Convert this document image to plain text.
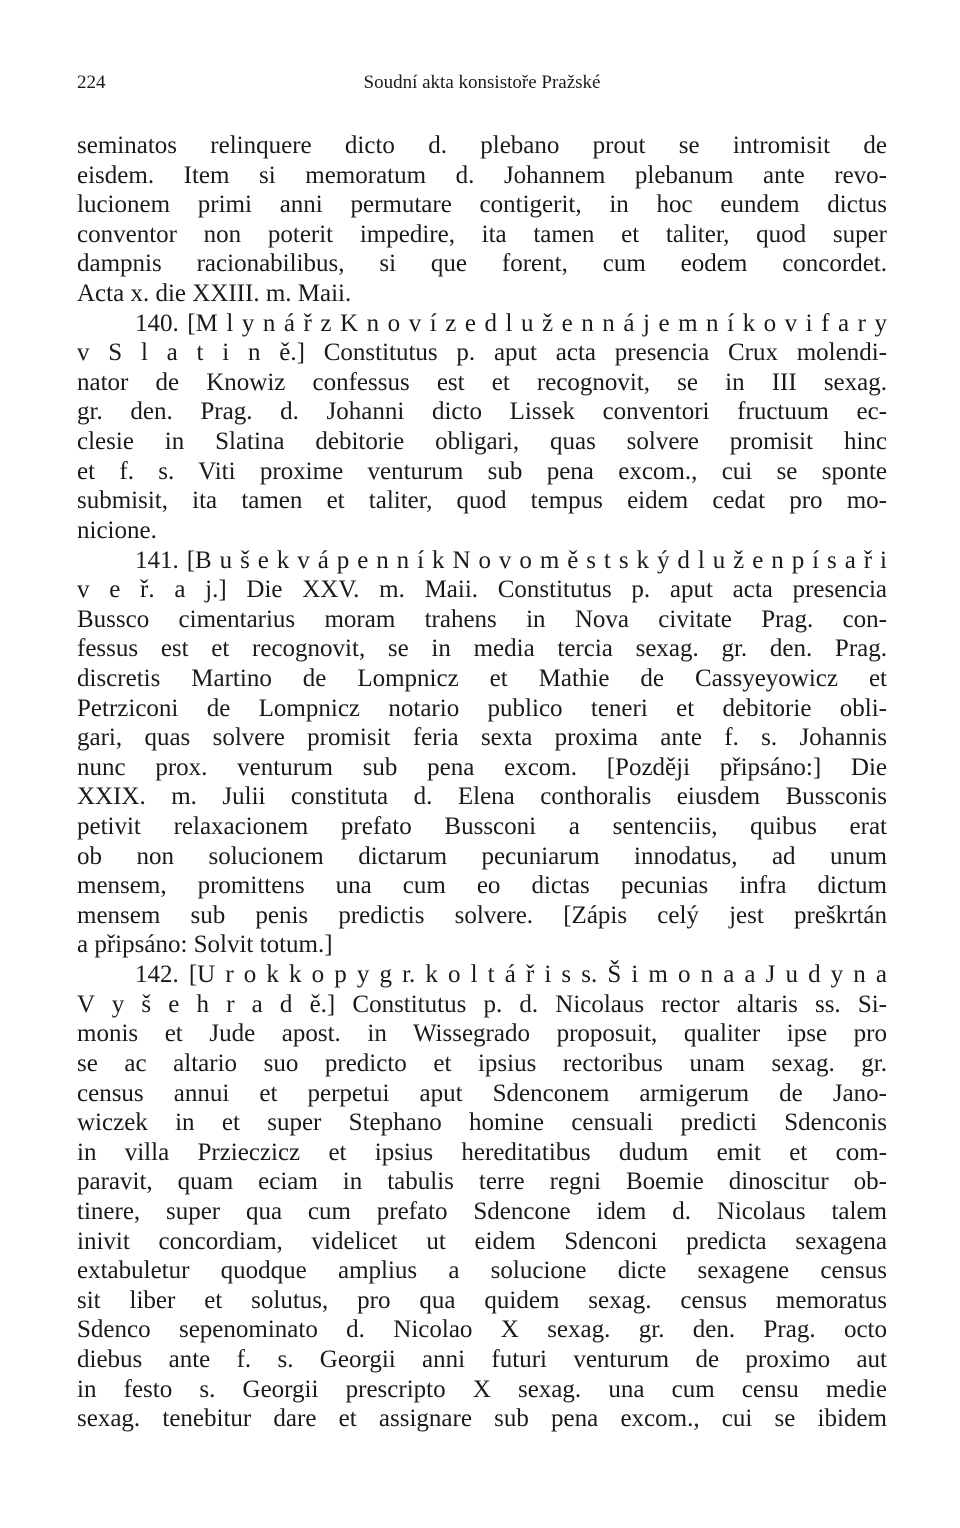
224	Soudní akta konsistoře Pražské
seminatos relinquere dicto d. plebano prout se intromisit de
eisdem. Item si memoratum d. Johannem plebanum ante revo-
lucionem primi anni permutare contigerit, in hoc eundem dictus
conventor non poterit impedire, ita tamen et taliter, quod super
dampnis racionabilibus, si que forent, cum eodem concordet.
Acta x. die XXIII. m. Maii.
140. [M l y n á ř z K n o v í z e d l u ž e n n á j e m n í k o v i f a r y
v S l a t i n ě.] Constitutus p. aput acta presencia Crux molendi-
nator de Knowiz confessus est et recognovit, se in III sexag.
gr. den. Prag. d. Johanni dicto Lissek conventori fructuum ec-
clesie in Slatina debitorie obligari, quas solvere promisit hinc
et f. s. Viti proxime venturum sub pena excom., cui se sponte
submisit, ita tamen et taliter, quod tempus eidem cedat pro mo-
nicione.
141. [B u š e k v á p e n n í k N o v o m ě s t s k ý d l u ž e n p í s a ř i
v e ř. a j.] Die XXV. m. Maii. Constitutus p. aput acta presencia
Bussco cimentarius moram trahens in Nova civitate Prag. con-
fessus est et recognovit, se in media tercia sexag. gr. den. Prag.
discretis Martino de Lompnicz et Mathie de Cassyeyowicz et
Petrziconi de Lompnicz notario publico teneri et debitorie obli-
gari, quas solvere promisit feria sexta proxima ante f. s. Johannis
nunc prox. venturum sub pena excom. [Později připsáno:] Die
XXIX. m. Julii constituta d. Elena conthoralis eiusdem Bussconis
petivit relaxacionem prefato Bussconi a sentenciis, quibus erat
ob non solucionem dictarum pecuniarum innodatus, ad unum
mensem, promittens una cum eo dictas pecunias infra dictum
mensem sub penis predictis solvere. [Zápis celý jest preškrtán
a připsáno: Solvit totum.]
142. [U r o k k o p y g r. k o l t á ř i s s. Š i m o n a a J u d y n a
V y š e h r a d ě.] Constitutus p. d. Nicolaus rector altaris ss. Si-
monis et Jude apost. in Wissegrado proposuit, qualiter ipse pro
se ac altario suo predicto et ipsius rectoribus unam sexag. gr.
census annui et perpetui aput Sdenconem armigerum de Jano-
wiczek in et super Stephano homine censuali predicti Sdenconis
in villa Przieczicz et ipsius hereditatibus dudum emit et com-
paravit, quam eciam in tabulis terre regni Boemie dinoscitur ob-
tinere, super qua cum prefato Sdencone idem d. Nicolaus talem
inivit concordiam, videlicet ut eidem Sdenconi predicta sexagena
extabuletur quodque amplius a solucione dicte sexagene census
sit liber et solutus, pro qua quidem sexag. census memoratus
Sdenco sepenominato d. Nicolao X sexag. gr. den. Prag. octo
diebus ante f. s. Georgii anni futuri venturum de proximo aut
in festo s. Georgii prescripto X sexag. una cum censu medie
sexag. tenebitur dare et assignare sub pena excom., cui se ibidem
